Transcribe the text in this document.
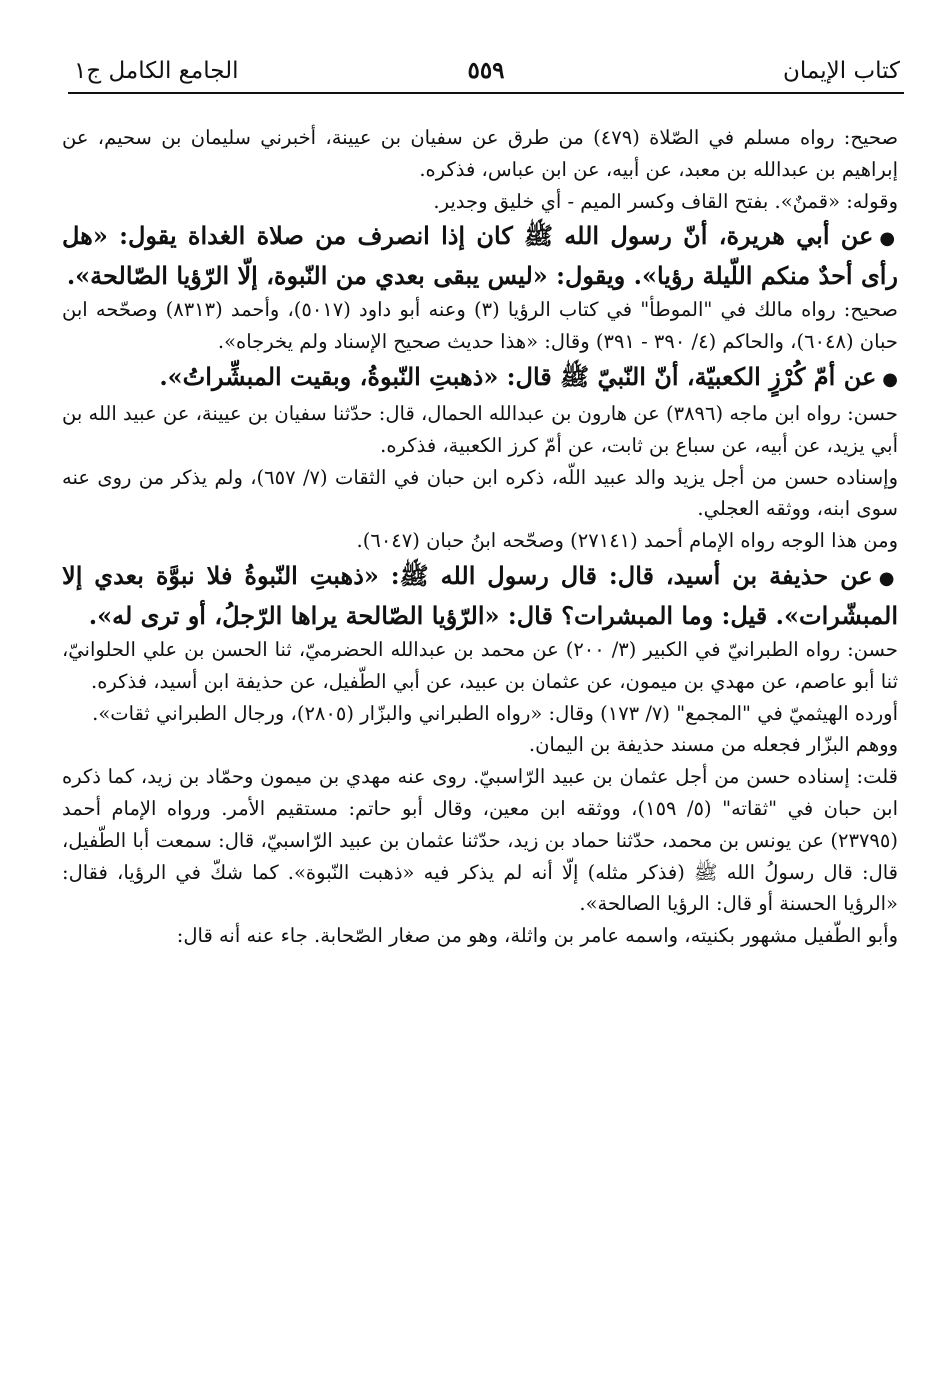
كتاب الإيمان
٥٥٩
الجامع الكامل ج١

صحيح: رواه مسلم في الصّلاة (٤٧٩) من طرق عن سفيان بن عيينة، أخبرني سليمان بن سحيم، عن إبراهيم بن عبدالله بن معبد، عن أبيه، عن ابن عباس، فذكره.

وقوله: «قمنٌ». بفتح القاف وكسر الميم - أي خليق وجدير.

●عن أبي هريرة، أنّ رسول الله ﷺ كان إذا انصرف من صلاة الغداة يقول: «هل رأى أحدٌ منكم اللّيلة رؤيا». ويقول: «ليس يبقى بعدي من النّبوة، إلّا الرّؤيا الصّالحة».

صحيح: رواه مالك في "الموطأ" في كتاب الرؤيا (٣) وعنه أبو داود (٥٠١٧)، وأحمد (٨٣١٣) وصحّحه ابن حبان (٦٠٤٨)، والحاكم (٤/ ٣٩٠ - ٣٩١) وقال: «هذا حديث صحيح الإسناد ولم يخرجاه».

●عن أمّ كُرْزٍ الكعبيّة، أنّ النّبيّ ﷺ قال: «ذهبتِ النّبوةُ، وبقيت المبشِّراتُ».

حسن: رواه ابن ماجه (٣٨٩٦) عن هارون بن عبدالله الحمال، قال: حدّثنا سفيان بن عيينة، عن عبيد الله بن أبي يزيد، عن أبيه، عن سباع بن ثابت، عن أمّ كرز الكعبية، فذكره.

وإسناده حسن من أجل يزيد والد عبيد اللّه، ذكره ابن حبان في الثقات (٧/ ٦٥٧)، ولم يذكر من روى عنه سوى ابنه، ووثقه العجلي.

ومن هذا الوجه رواه الإمام أحمد (٢٧١٤١) وصحّحه ابنُ حبان (٦٠٤٧).

●عن حذيفة بن أسيد، قال: قال رسول الله ﷺ: «ذهبتِ النّبوةُ فلا نبوَّة بعدي إلا المبشّرات». قيل: وما المبشرات؟ قال: «الرّؤيا الصّالحة يراها الرّجلُ، أو ترى له».

حسن: رواه الطبرانيّ في الكبير (٣/ ٢٠٠) عن محمد بن عبدالله الحضرميّ، ثنا الحسن بن علي الحلوانيّ، ثنا أبو عاصم، عن مهدي بن ميمون، عن عثمان بن عبيد، عن أبي الطّفيل، عن حذيفة ابن أسيد، فذكره.

أورده الهيثميّ في "المجمع" (٧/ ١٧٣) وقال: «رواه الطبراني والبزّار (٢٨٠٥)، ورجال الطبراني ثقات».

ووهم البزّار فجعله من مسند حذيفة بن اليمان.

قلت: إسناده حسن من أجل عثمان بن عبيد الرّاسبيّ. روى عنه مهدي بن ميمون وحمّاد بن زيد، كما ذكره ابن حبان في "ثقاته" (٥/ ١٥٩)، ووثقه ابن معين، وقال أبو حاتم: مستقيم الأمر. ورواه الإمام أحمد (٢٣٧٩٥) عن يونس بن محمد، حدّثنا حماد بن زيد، حدّثنا عثمان بن عبيد الرّاسبيّ، قال: سمعت أبا الطّفيل، قال: قال رسولُ الله ﷺ (فذكر مثله) إلّا أنه لم يذكر فيه «ذهبت النّبوة». كما شكّ في الرؤيا، فقال: «الرؤيا الحسنة أو قال: الرؤيا الصالحة».

وأبو الطّفيل مشهور بكنيته، واسمه عامر بن واثلة، وهو من صغار الصّحابة. جاء عنه أنه قال:
